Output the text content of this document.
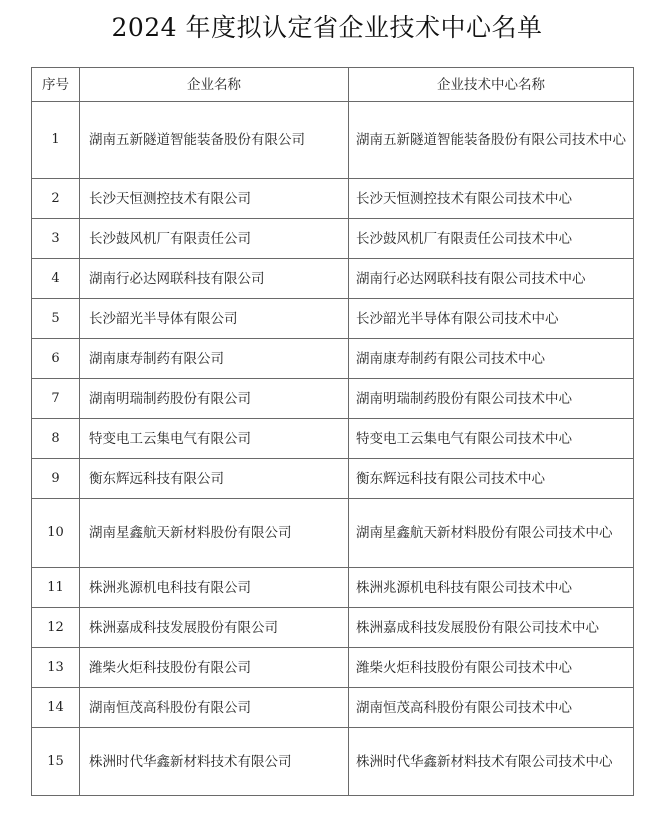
2024 年度拟认定省企业技术中心名单
序号	企业名称	企业技术中心名称
1	湖南五新隧道智能装备股份有限公司	湖南五新隧道智能装备股份有限公司技术中心
2	长沙天恒测控技术有限公司	长沙天恒测控技术有限公司技术中心
3	长沙鼓风机厂有限责任公司	长沙鼓风机厂有限责任公司技术中心
4	湖南行必达网联科技有限公司	湖南行必达网联科技有限公司技术中心
5	长沙韶光半导体有限公司	长沙韶光半导体有限公司技术中心
6	湖南康寿制药有限公司	湖南康寿制药有限公司技术中心
7	湖南明瑞制药股份有限公司	湖南明瑞制药股份有限公司技术中心
8	特变电工云集电气有限公司	特变电工云集电气有限公司技术中心
9	衡东辉远科技有限公司	衡东辉远科技有限公司技术中心
10	湖南星鑫航天新材料股份有限公司	湖南星鑫航天新材料股份有限公司技术中心
11	株洲兆源机电科技有限公司	株洲兆源机电科技有限公司技术中心
12	株洲嘉成科技发展股份有限公司	株洲嘉成科技发展股份有限公司技术中心
13	潍柴火炬科技股份有限公司	潍柴火炬科技股份有限公司技术中心
14	湖南恒茂高科股份有限公司	湖南恒茂高科股份有限公司技术中心
15	株洲时代华鑫新材料技术有限公司	株洲时代华鑫新材料技术有限公司技术中心
